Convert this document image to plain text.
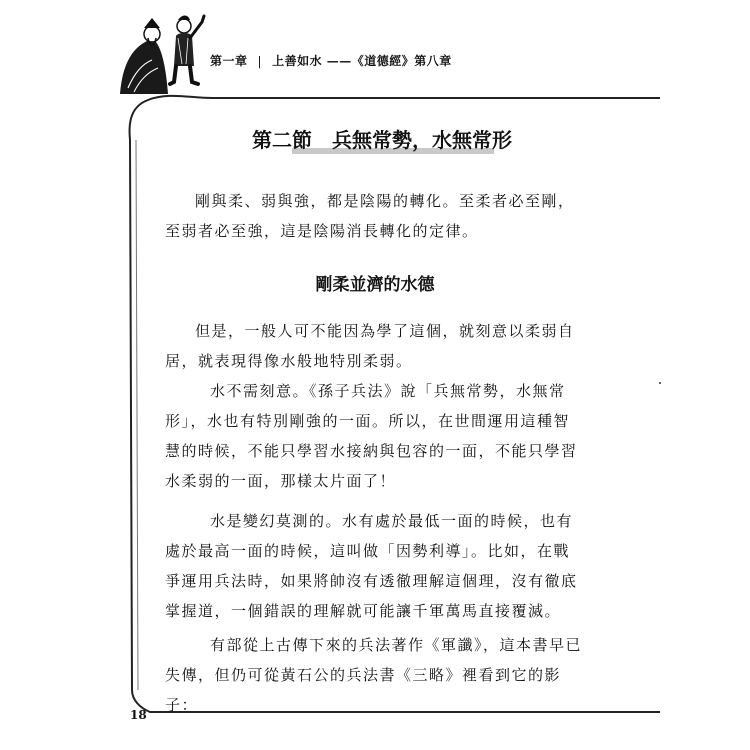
第一章 | 上善如水 ——《道德經》第八章
第二節　兵無常勢，水無常形
剛與柔、弱與強，都是陰陽的轉化。至柔者必至剛，至弱者必至強，這是陰陽消長轉化的定律。
剛柔並濟的水德
但是，一般人可不能因為學了這個，就刻意以柔弱自居，就表現得像水般地特別柔弱。
水不需刻意。《孫子兵法》說「兵無常勢，水無常形」，水也有特別剛強的一面。所以，在世間運用這種智慧的時候，不能只學習水接納與包容的一面，不能只學習水柔弱的一面，那樣太片面了！
水是變幻莫測的。水有處於最低一面的時候，也有處於最高一面的時候，這叫做「因勢利導」。比如，在戰爭運用兵法時，如果將帥沒有透徹理解這個理，沒有徹底掌握道，一個錯誤的理解就可能讓千軍萬馬直接覆滅。
有部從上古傳下來的兵法著作《軍讖》，這本書早已失傳，但仍可從黃石公的兵法書《三略》裡看到它的影子：
18
